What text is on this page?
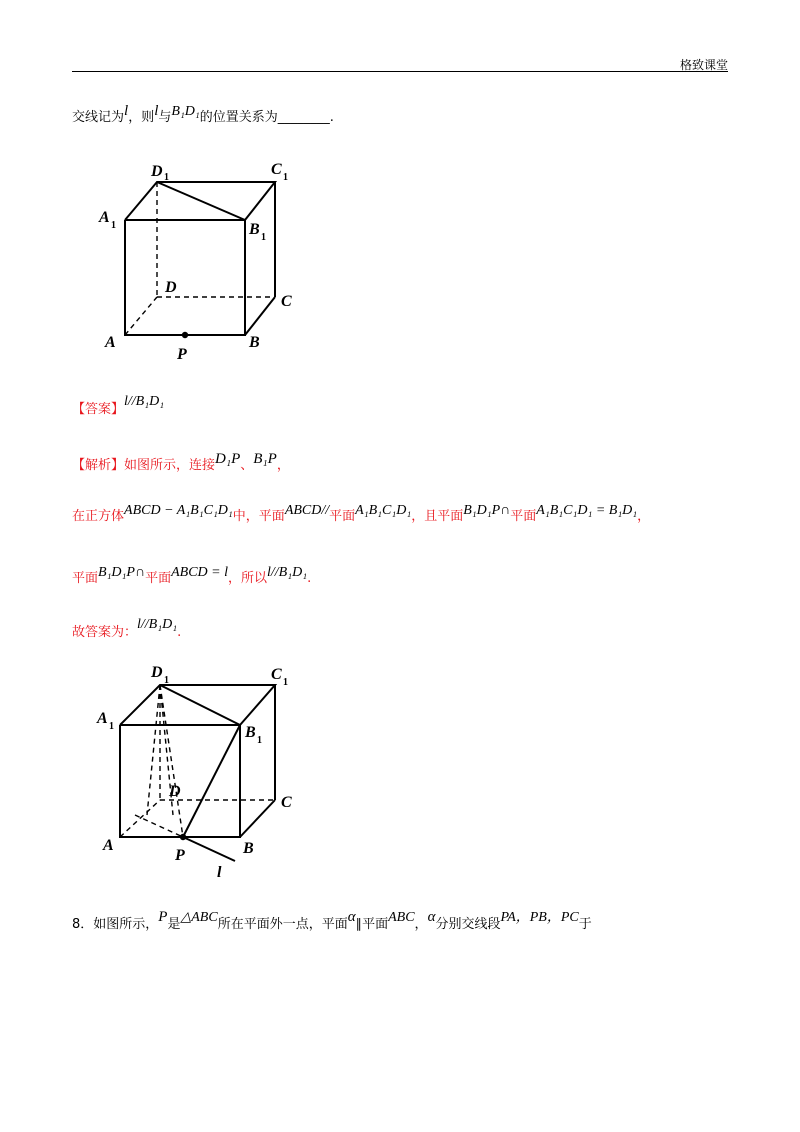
格致课堂
交线记为l，则l与B₁D₁的位置关系为________.
D 1	C 1
A 1	B 1
D
C
A	B
P
【答案】l//B₁D₁
【解析】如图所示，连接D₁P、B₁P，
在正方体ABCD − A₁B₁C₁D₁中，平面ABCD//平面A₁B₁C₁D₁，且平面B₁D₁P∩平面A₁B₁C₁D₁ = B₁D₁，
平面B₁D₁P∩平面ABCD = l，所以l//B₁D₁.
故答案为：l//B₁D₁.
D 1	C 1
A 1	B 1
D
C
A
P	B
l
8．如图所示，P是△ABC所在平面外一点，平面α∥平面ABC，α分别交线段PA，PB，PC于
